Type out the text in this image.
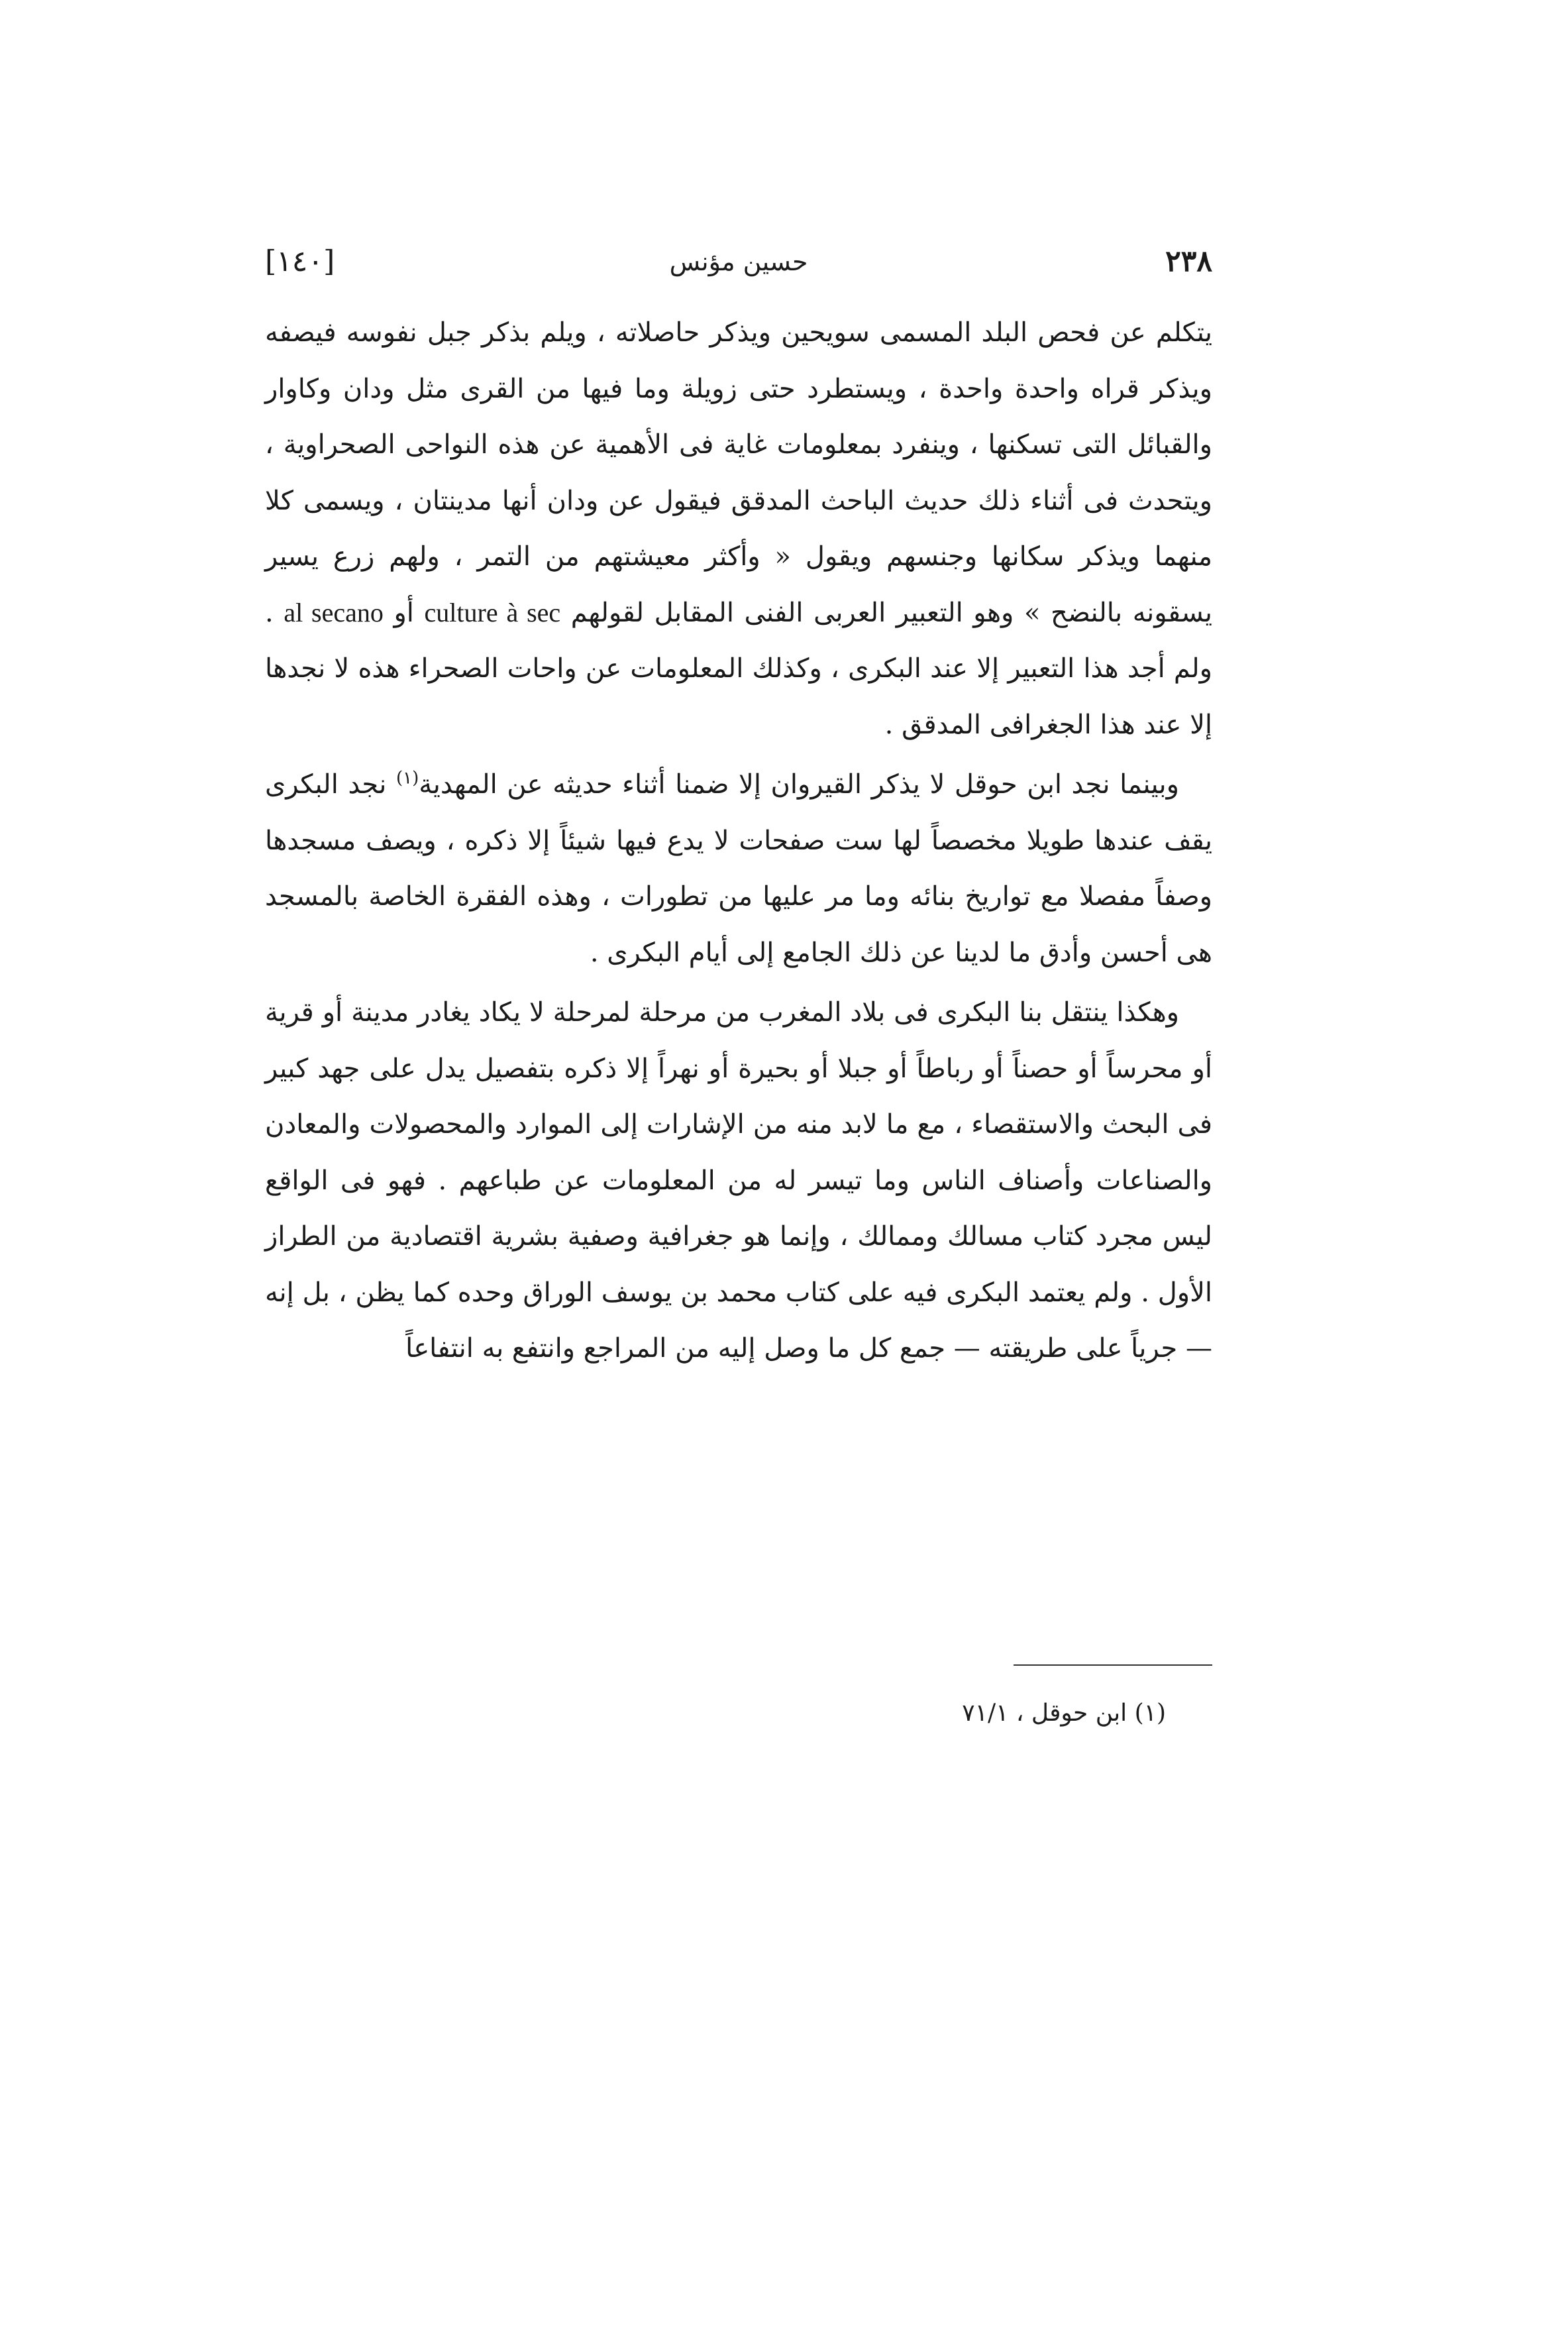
٢٣٨
حسين مؤنس
[١٤٠]

يتكلم عن فحص البلد المسمى سويحين ويذكر حاصلاته ، ويلم بذكر جبل نفوسه فيصفه ويذكر قراه واحدة واحدة ، ويستطرد حتى زويلة وما فيها من القرى مثل ودان وكاوار والقبائل التى تسكنها ، وينفرد بمعلومات غاية فى الأهمية عن هذه النواحى الصحراوية ، ويتحدث فى أثناء ذلك حديث الباحث المدقق فيقول عن ودان أنها مدينتان ، ويسمى كلا منهما ويذكر سكانها وجنسهم ويقول « وأكثر معيشتهم من التمر ، ولهم زرع يسير يسقونه بالنضح » وهو التعبير العربى الفنى المقابل لقولهم culture à sec أو al secano . ولم أجد هذا التعبير إلا عند البكرى ، وكذلك المعلومات عن واحات الصحراء هذه لا نجدها إلا عند هذا الجغرافى المدقق .

وبينما نجد ابن حوقل لا يذكر القيروان إلا ضمنا أثناء حديثه عن المهدية$^{(١)}$ نجد البكرى يقف عندها طويلا مخصصاً لها ست صفحات لا يدع فيها شيئاً إلا ذكره ، ويصف مسجدها وصفاً مفصلا مع تواريخ بنائه وما مر عليها من تطورات ، وهذه الفقرة الخاصة بالمسجد هى أحسن وأدق ما لدينا عن ذلك الجامع إلى أيام البكرى .

وهكذا ينتقل بنا البكرى فى بلاد المغرب من مرحلة لمرحلة لا يكاد يغادر مدينة أو قرية أو محرساً أو حصناً أو رباطاً أو جبلا أو بحيرة أو نهراً إلا ذكره بتفصيل يدل على جهد كبير فى البحث والاستقصاء ، مع ما لابد منه من الإشارات إلى الموارد والمحصولات والمعادن والصناعات وأصناف الناس وما تيسر له من المعلومات عن طباعهم . فهو فى الواقع ليس مجرد كتاب مسالك وممالك ، وإنما هو جغرافية وصفية بشرية اقتصادية من الطراز الأول . ولم يعتمد البكرى فيه على كتاب محمد بن يوسف الوراق وحده كما يظن ، بل إنه — جرياً على طريقته — جمع كل ما وصل إليه من المراجع وانتفع به انتفاعاً

(١) ابن حوقل ، ٧١/١
